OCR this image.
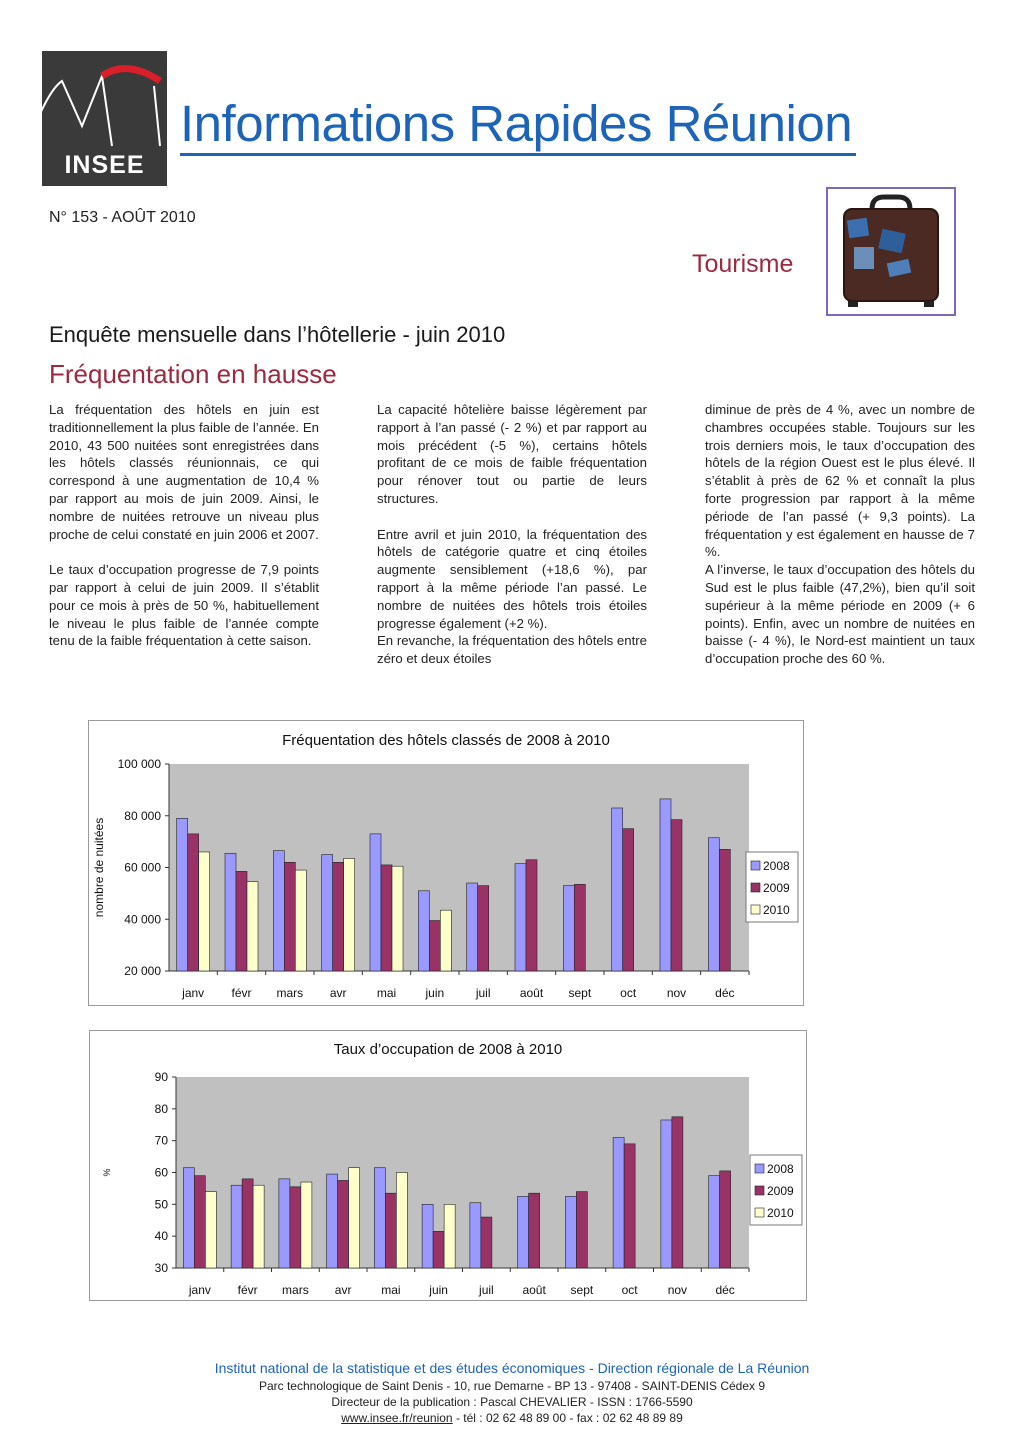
INSEE
Informations Rapides Réunion
N° 153 - AOÛT 2010
Tourisme
Enquête mensuelle dans l’hôtellerie - juin 2010
Fréquentation en hausse

La fréquentation des hôtels en juin est traditionnellement la plus faible de l’année. En 2010, 43 500 nuitées sont enregistrées dans les hôtels classés réunionnais, ce qui correspond à une augmentation de 10,4 % par rapport au mois de juin 2009. Ainsi, le nombre de nuitées retrouve un niveau plus proche de celui constaté en juin 2006 et 2007.

Le taux d’occupation progresse de 7,9 points par rapport à celui de juin 2009. Il s’établit pour ce mois à près de 50 %, habituellement le niveau le plus faible de l’année compte tenu de la faible fréquentation à cette saison.

La capacité hôtelière baisse légèrement par rapport à l’an passé (- 2 %) et par rapport au mois précédent (-5 %), certains hôtels profitant de ce mois de faible fréquentation pour rénover tout ou partie de leurs structures.

Entre avril et juin 2010, la fréquentation des hôtels de catégorie quatre et cinq étoiles augmente sensiblement (+18,6 %), par rapport à la même période l’an passé. Le nombre de nuitées des hôtels trois étoiles progresse également (+2 %).

En revanche, la fréquentation des hôtels entre zéro et deux étoiles

diminue de près de 4 %, avec un nombre de chambres occupées stable. Toujours sur les trois derniers mois, le taux d’occupation des hôtels de la région Ouest est le plus élevé. Il s’établit à près de 62 % et connaît la plus forte progression par rapport à la même période de l’an passé (+ 9,3 points). La fréquentation y est également en hausse de 7 %.

A l’inverse, le taux d’occupation des hôtels du Sud est le plus faible (47,2%), bien qu’il soit supérieur à la même période en 2009 (+ 6 points). Enfin, avec un nombre de nuitées en baisse (- 4 %), le Nord-est maintient un taux d’occupation proche des 60 %.

Fréquentation des hôtels classés de 2008 à 2010
20 000
40 000
60 000
80 000
100 000
nombre de nuitées
janv févr mars avr	mai juin	juil août sept oct	nov déc
2008
2009
2010
Taux d’occupation de 2008 à 2010
30
40
50
60
70
80
90
%
janv févr mars avr mai juin	juil août sept oct	nov déc
2008
2009
2010
Institut national de la statistique et des études économiques - Direction régionale de La Réunion
Parc technologique de Saint Denis - 10, rue Demarne - BP 13 - 97408 - SAINT-DENIS Cédex 9
Directeur de la publication : Pascal CHEVALIER - ISSN : 1766-5590
www.insee.fr/reunion - tél : 02 62 48 89 00 - fax : 02 62 48 89 89
